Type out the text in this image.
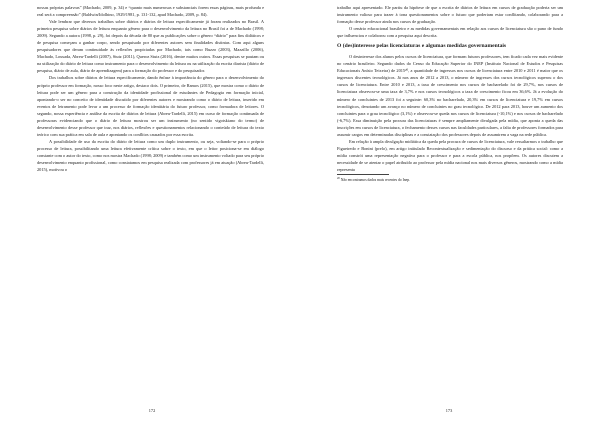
nossas próprias palavras” (Machado, 2009, p. 34) e “quanto mais numerosas e substanciais forem essas páginas, mais profunda e real será a compreensão” (Baldwin/Idolhino, 1929/1981, p. 131-132, apud Machado, 2009, p. 84).

Vale lembrar que diversos trabalhos sobre diários e diários de leitura especificamente já foram realizados no Brasil. A primeira pesquisa sobre diários de leitura enquanto gênero para o desenvolvimento da leitura no Brasil foi a de Machado (1998; 2009). Segundo a autora (1998, p. 29), foi depois da década de 80 que as publicações sobre o gênero “diário” para fins didáticos e de pesquisa começam a ganhar corpo, sendo pesquisado por diferentes autores sem finalidades distintas. Com aqui alguns pesquisadores que deram continuidade às reflexões propiciadas por Machado, tais como Buzzo (2003), Mazzillo (2006), Machado, Lousada, Abreu-Tardelli (2007), Stutz (2011), Queroz Stutz (2016), dentre muitos outros. Essas pesquisas se pautam ou na utilização do diário de leitura como instrumento para o desenvolvimento da leitura ou na utilização da escrita diarista (diário de pesquisa, diário de aula, diário de aprendizagem) para a formação do professor e do pesquisador.

Dos trabalhos sobre diários de leitura especificamente, dando ênfase à importância do gênero para o desenvolvimento do próprio professor em formação, nosso foco neste artigo, destaco dois. O primeiro, de Ramos (2015), que mostra como o diário de leitura pode ser um gênero para a construção da identidade profissional de estudantes de Pedagogia em formação inicial, apontando-o ser no conceito de identidade discutido por diferentes autores e mostrando como o diário de leitura, inserido em eventos de letramento pode levar a um processo de formação identitária do futuro professor, como formadora de leitores. O segundo, nossa experiência e análise da escrita de diários de leitura (Abreu-Tardelli, 2015) em curso de formação continuada de professoras evidenciando que o diário de leitura mostrou ser um instrumento (no sentido vigotskiano do termo) de desenvolvimento desse professor que traz, nos diários, reflexões e questionamentos relacionando o conteúdo de leitura do texto teórico com sua prática em sala de aula e apontando os conflitos causados por essa escrita.

A possibilidade de uso da escrita do diário de leitura como um duplo instrumento, ou seja, voltando-se para o próprio processo de leitura, possibilitando uma leitura efetivamente crítica sobre o texto, em que o leitor posiciona-se em diálogo constante com o autor do texto, como nos mostra Machado (1998; 2009) e também como um instrumento voltado para seu próprio desenvolvimento enquanto profissional, como constatamos em pesquisa realizada com professores já em atuação (Abreu-Tardelli, 2015), motivou o

172

trabalho aqui apresentado. Ele partiu da hipótese de que a escrita de diários de leitura em cursos de graduação poderia ser um instrumento valioso para trazer à tona questionamentos sobre o futuro que poderiam estar conflitando, colaborando para a formação desse professor ainda nos cursos de graduação.

O cenário educacional brasileiro e as medidas governamentais em relação aos cursos de licenciatura são o pano de fundo que influenciou e colaborou com a pesquisa aqui descrita.

O (des)interesse pelas licenciaturas e algumas medidas governamentais

O desinteresse dos alunos pelos cursos de licenciatura, que formam futuros professores, tem ficado cada vez mais evidente no cenário brasileiro. Segundo dados do Censo da Educação Superior do INEP (Instituto Nacional de Estudos e Pesquisas Educacionais Anísio Teixeira) de 2015²⁰, a quantidade de ingressos nos cursos de licenciatura entre 2010 e 2011 é maior que os ingressos discentes tecnológicos. Já nos anos de 2012 a 2013, o número de ingresses dos cursos tecnológicos superou o dos cursos de licenciatura. Entre 2010 e 2013, a taxa de crescimento nos cursos de bacharelado foi de 29,7%, nos cursos de licenciatura observou-se uma taxa de 3,7% e nos cursos tecnológicos a taxa de crescimento ficou em 36,6%. Já a evolução do número de concluintes de 2013 foi a seguinte: 60,3% no bacharelado, 20,3% em cursos de licenciatura e 19,7% em cursos tecnológicos, denotando um avanço no número de concluintes no grau tecnológico. De 2012 para 2013, houve um aumento dos concluintes para o grau tecnológico (3,1%) e observou-se queda nos cursos de licenciatura (-10,1%) e nos cursos de bacharelado (-6,7%). Essa diminuição pela procura das licenciaturas é sempre ampliamente divulgada pela mídia, que aponta a queda das inscrições em cursos de licenciatura, o fechamento desses cursos nas faculdades particulares, a falta de professores formados para assumir cargos em determinadas disciplinas e a constatação dos professores depois de assumirem a vaga na rede pública.

Em relação à ampla divulgação midiática da queda pela procura de cursos de licenciatura, vale ressaltarmos o trabalho que Figueiredo e Bonini (prelo), em artigo intitulado Recontextualização e sedimentação do discurso e da prática social: como a mídia constrói uma representação negativa para o professor e para a escola pública, nos propõem. Os autores discutem a necessidade de se atentar o papel atribuído ao professor pela mídia nacional nos mais diversos gêneros, mostrando como a mídia representa

$^{20}$ Não encontramos dados mais recentes do Inep.
173
